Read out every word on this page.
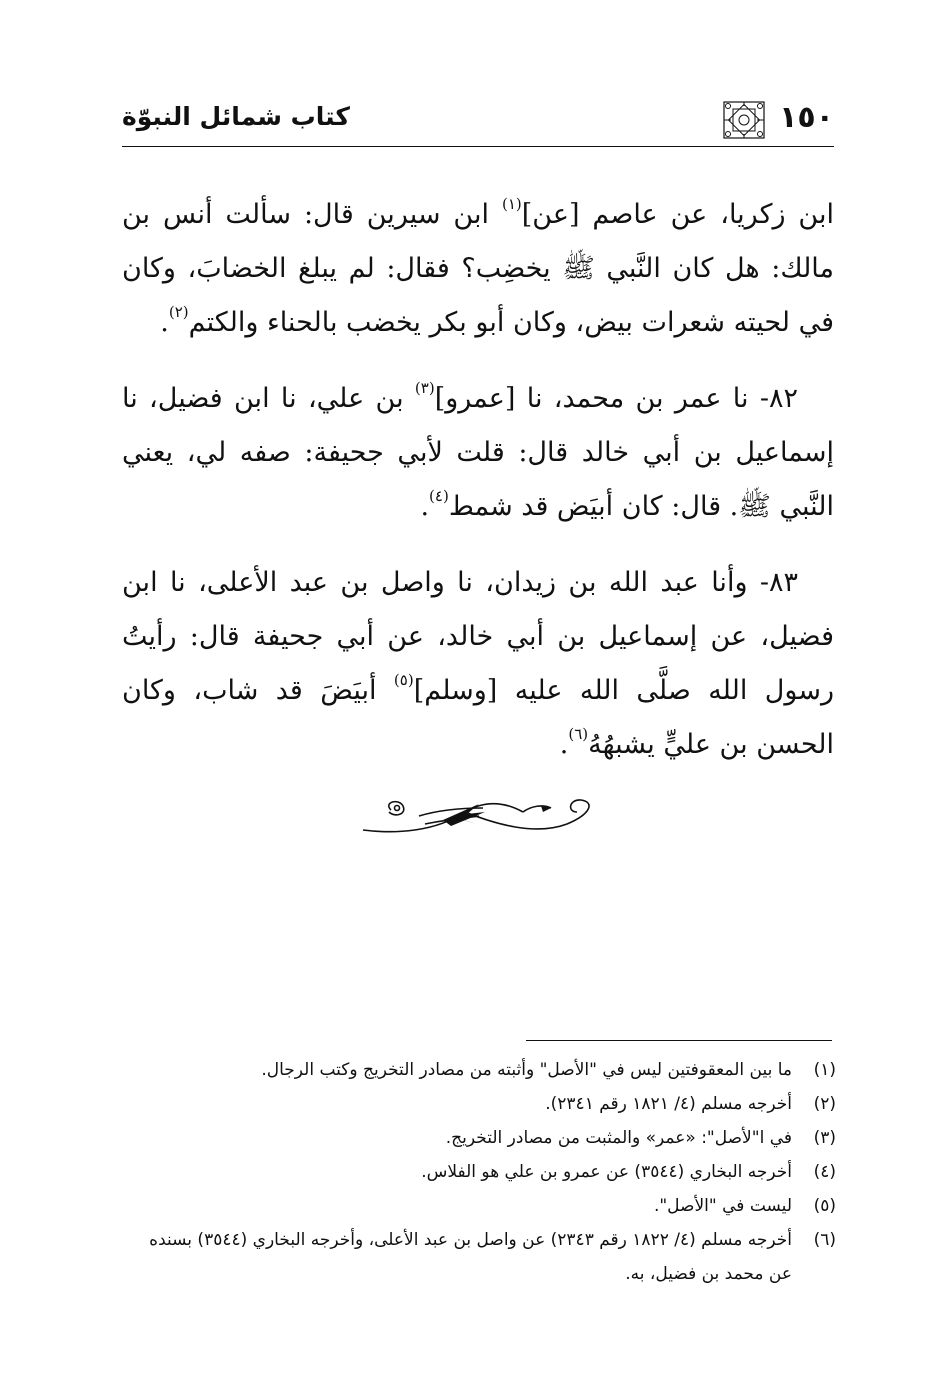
١٥٠
كتاب شمائل النبوّة

ابن زكريا، عن عاصم [عن]$^{(١)}$ ابن سيرين قال: سألت أنس بن مالك: هل كان النَّبي ﷺ يخضِب؟ فقال: لم يبلغ الخضابَ، وكان في لحيته شعرات بيض، وكان أبو بكر يخضب بالحناء والكتم$^{(٢)}$.

٨٢- نا عمر بن محمد، نا [عمرو]$^{(٣)}$ بن علي، نا ابن فضيل، نا إسماعيل بن أبي خالد قال: قلت لأبي جحيفة: صفه لي، يعني النَّبي ﷺ. قال: كان أبيَض قد شمط$^{(٤)}$.

٨٣- وأنا عبد الله بن زيدان، نا واصل بن عبد الأعلى، نا ابن فضيل، عن إسماعيل بن أبي خالد، عن أبي جحيفة قال: رأيتُ رسول الله صلَّى الله عليه [وسلم]$^{(٥)}$ أبيَضَ قد شاب، وكان الحسن بن عليٍّ يشبهُهُ$^{(٦)}$.

(١)
ما بين المعقوفتين ليس في "الأصل" وأثبته من مصادر التخريج وكتب الرجال.
(٢)
أخرجه مسلم (٤/ ١٨٢١ رقم ٢٣٤١).
(٣)
في ا"لأصل": «عمر» والمثبت من مصادر التخريج.
(٤)
أخرجه البخاري (٣٥٤٤) عن عمرو بن علي هو الفلاس.
(٥)
ليست في "الأصل".
(٦)
أخرجه مسلم (٤/ ١٨٢٢ رقم ٢٣٤٣) عن واصل بن عبد الأعلى، وأخرجه البخاري (٣٥٤٤) بسنده عن محمد بن فضيل، به.
